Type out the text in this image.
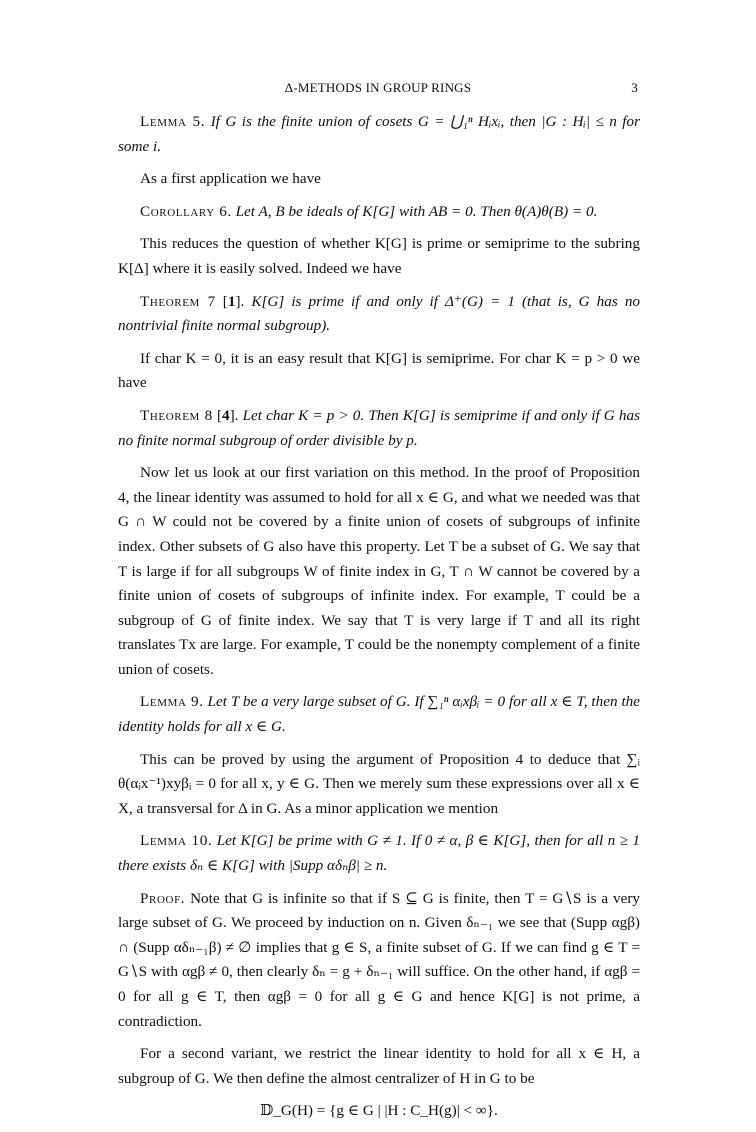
Δ-METHODS IN GROUP RINGS	3

Lemma 5. If G is the finite union of cosets G = ⋃₁ⁿ Hᵢxᵢ, then |G : Hᵢ| ≤ n for some i.

As a first application we have

Corollary 6. Let A, B be ideals of K[G] with AB = 0. Then θ(A)θ(B) = 0.

This reduces the question of whether K[G] is prime or semiprime to the subring K[Δ] where it is easily solved. Indeed we have

Theorem 7 [1]. K[G] is prime if and only if Δ⁺(G) = 1 (that is, G has no nontrivial finite normal subgroup).

If char K = 0, it is an easy result that K[G] is semiprime. For char K = p > 0 we have

Theorem 8 [4]. Let char K = p > 0. Then K[G] is semiprime if and only if G has no finite normal subgroup of order divisible by p.

Now let us look at our first variation on this method. In the proof of Proposition 4, the linear identity was assumed to hold for all x ∈ G, and what we needed was that G ∩ W could not be covered by a finite union of cosets of subgroups of infinite index. Other subsets of G also have this property. Let T be a subset of G. We say that T is large if for all subgroups W of finite index in G, T ∩ W cannot be covered by a finite union of cosets of subgroups of infinite index. For example, T could be a subgroup of G of finite index. We say that T is very large if T and all its right translates Tx are large. For example, T could be the nonempty complement of a finite union of cosets.

Lemma 9. Let T be a very large subset of G. If ∑₁ⁿ αᵢxβᵢ = 0 for all x ∈ T, then the identity holds for all x ∈ G.

This can be proved by using the argument of Proposition 4 to deduce that ∑ᵢ θ(αᵢx⁻¹)xyβᵢ = 0 for all x, y ∈ G. Then we merely sum these expressions over all x ∈ X, a transversal for Δ in G. As a minor application we mention

Lemma 10. Let K[G] be prime with G ≠ 1. If 0 ≠ α, β ∈ K[G], then for all n ≥ 1 there exists δₙ ∈ K[G] with |Supp αδₙβ| ≥ n.

Proof. Note that G is infinite so that if S ⊆ G is finite, then T = G∖S is a very large subset of G. We proceed by induction on n. Given δₙ₋₁ we see that (Supp αgβ) ∩ (Supp αδₙ₋₁β) ≠ ∅ implies that g ∈ S, a finite subset of G. If we can find g ∈ T = G∖S with αgβ ≠ 0, then clearly δₙ = g + δₙ₋₁ will suffice. On the other hand, if αgβ = 0 for all g ∈ T, then αgβ = 0 for all g ∈ G and hence K[G] is not prime, a contradiction.

For a second variant, we restrict the linear identity to hold for all x ∈ H, a subgroup of G. We then define the almost centralizer of H in G to be

𝔻_G(H) = {g ∈ G | |H : C_H(g)| < ∞}.
